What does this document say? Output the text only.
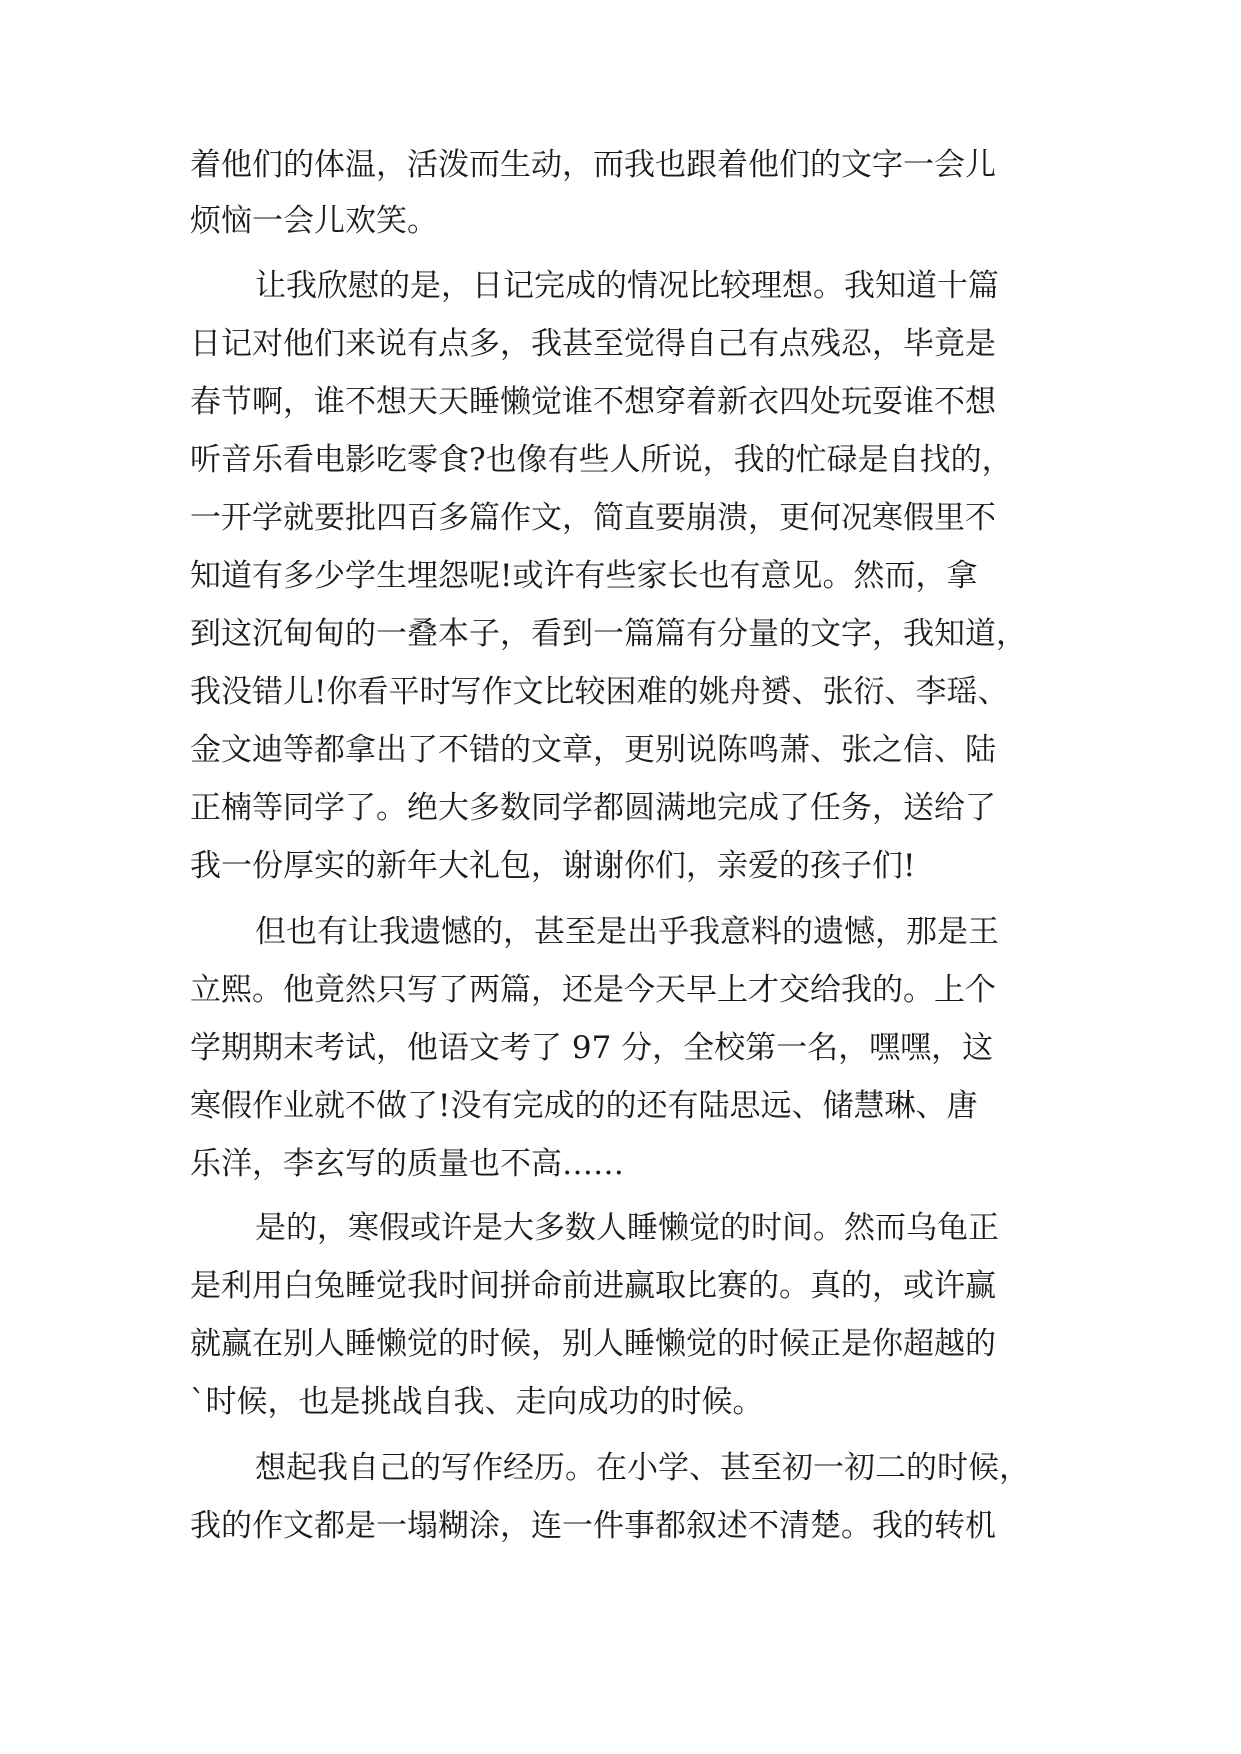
着他们的体温，活泼而生动，而我也跟着他们的文字一会儿
烦恼一会儿欢笑。
让我欣慰的是，日记完成的情况比较理想。我知道十篇
日记对他们来说有点多，我甚至觉得自己有点残忍，毕竟是
春节啊，谁不想天天睡懒觉谁不想穿着新衣四处玩耍谁不想
听音乐看电影吃零食?也像有些人所说，我的忙碌是自找的，
一开学就要批四百多篇作文，简直要崩溃，更何况寒假里不
知道有多少学生埋怨呢!或许有些家长也有意见。然而，拿
到这沉甸甸的一叠本子，看到一篇篇有分量的文字，我知道，
我没错儿!你看平时写作文比较困难的姚舟赟、张衍、李瑶、
金文迪等都拿出了不错的文章，更别说陈鸣萧、张之信、陆
正楠等同学了。绝大多数同学都圆满地完成了任务，送给了
我一份厚实的新年大礼包，谢谢你们，亲爱的孩子们!
但也有让我遗憾的，甚至是出乎我意料的遗憾，那是王
立熙。他竟然只写了两篇，还是今天早上才交给我的。上个
学期期末考试，他语文考了 97 分，全校第一名，嘿嘿，这
寒假作业就不做了!没有完成的的还有陆思远、储慧琳、唐
乐洋，李玄写的质量也不高……
是的，寒假或许是大多数人睡懒觉的时间。然而乌龟正
是利用白兔睡觉我时间拼命前进赢取比赛的。真的，或许赢
就赢在别人睡懒觉的时候，别人睡懒觉的时候正是你超越的
`时候，也是挑战自我、走向成功的时候。
想起我自己的写作经历。在小学、甚至初一初二的时候，
我的作文都是一塌糊涂，连一件事都叙述不清楚。我的转机
